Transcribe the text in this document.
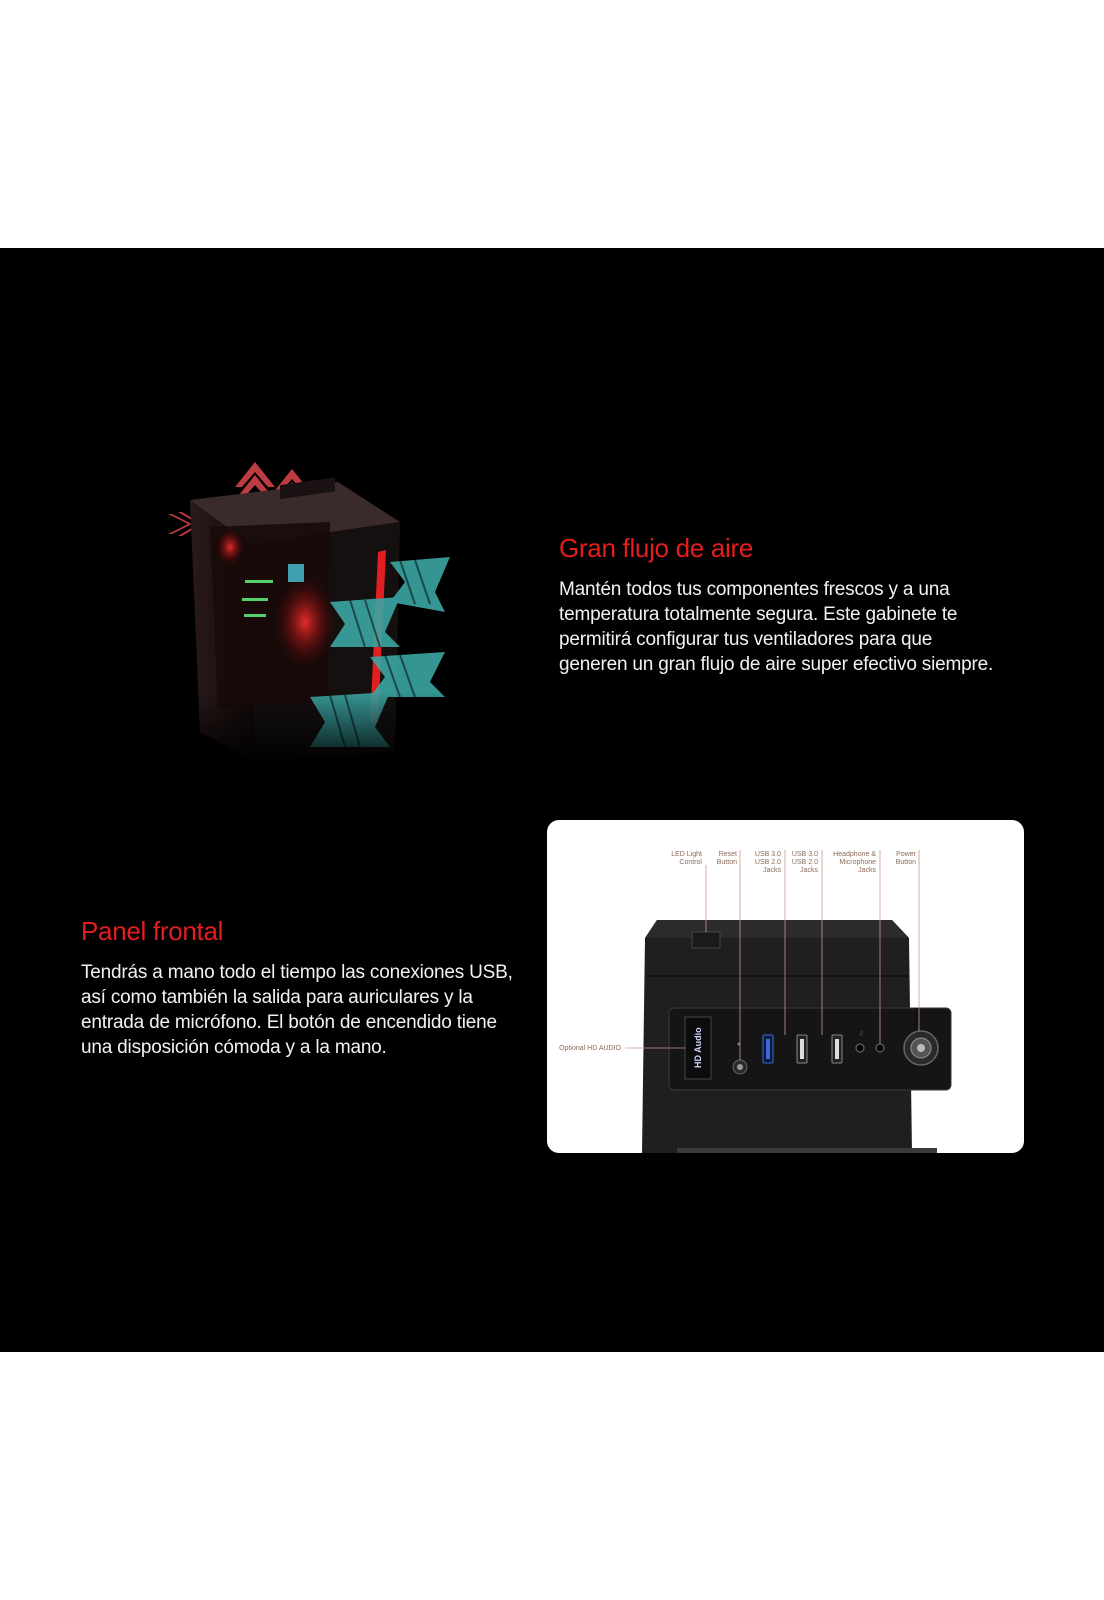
Gran flujo de aire

Mantén todos tus componentes frescos y a una temperatura totalmente segura. Este gabinete te permitirá configurar tus ventiladores para que generen un gran flujo de aire super efectivo siempre.

Panel frontal

Tendrás a mano todo el tiempo las conexiones USB, así como también la salida para auriculares y la entrada de micrófono. El botón de encendido tiene una disposición cómoda y a la mano.	HD Audio	♫
LED Light
Control
Reset
Button
USB 3.0
USB 2.0
Jacks
USB 3.0
USB 2.0
Jacks
Headphone &
Microphone
Jacks
Power
Button
Optional HD AUDIO
